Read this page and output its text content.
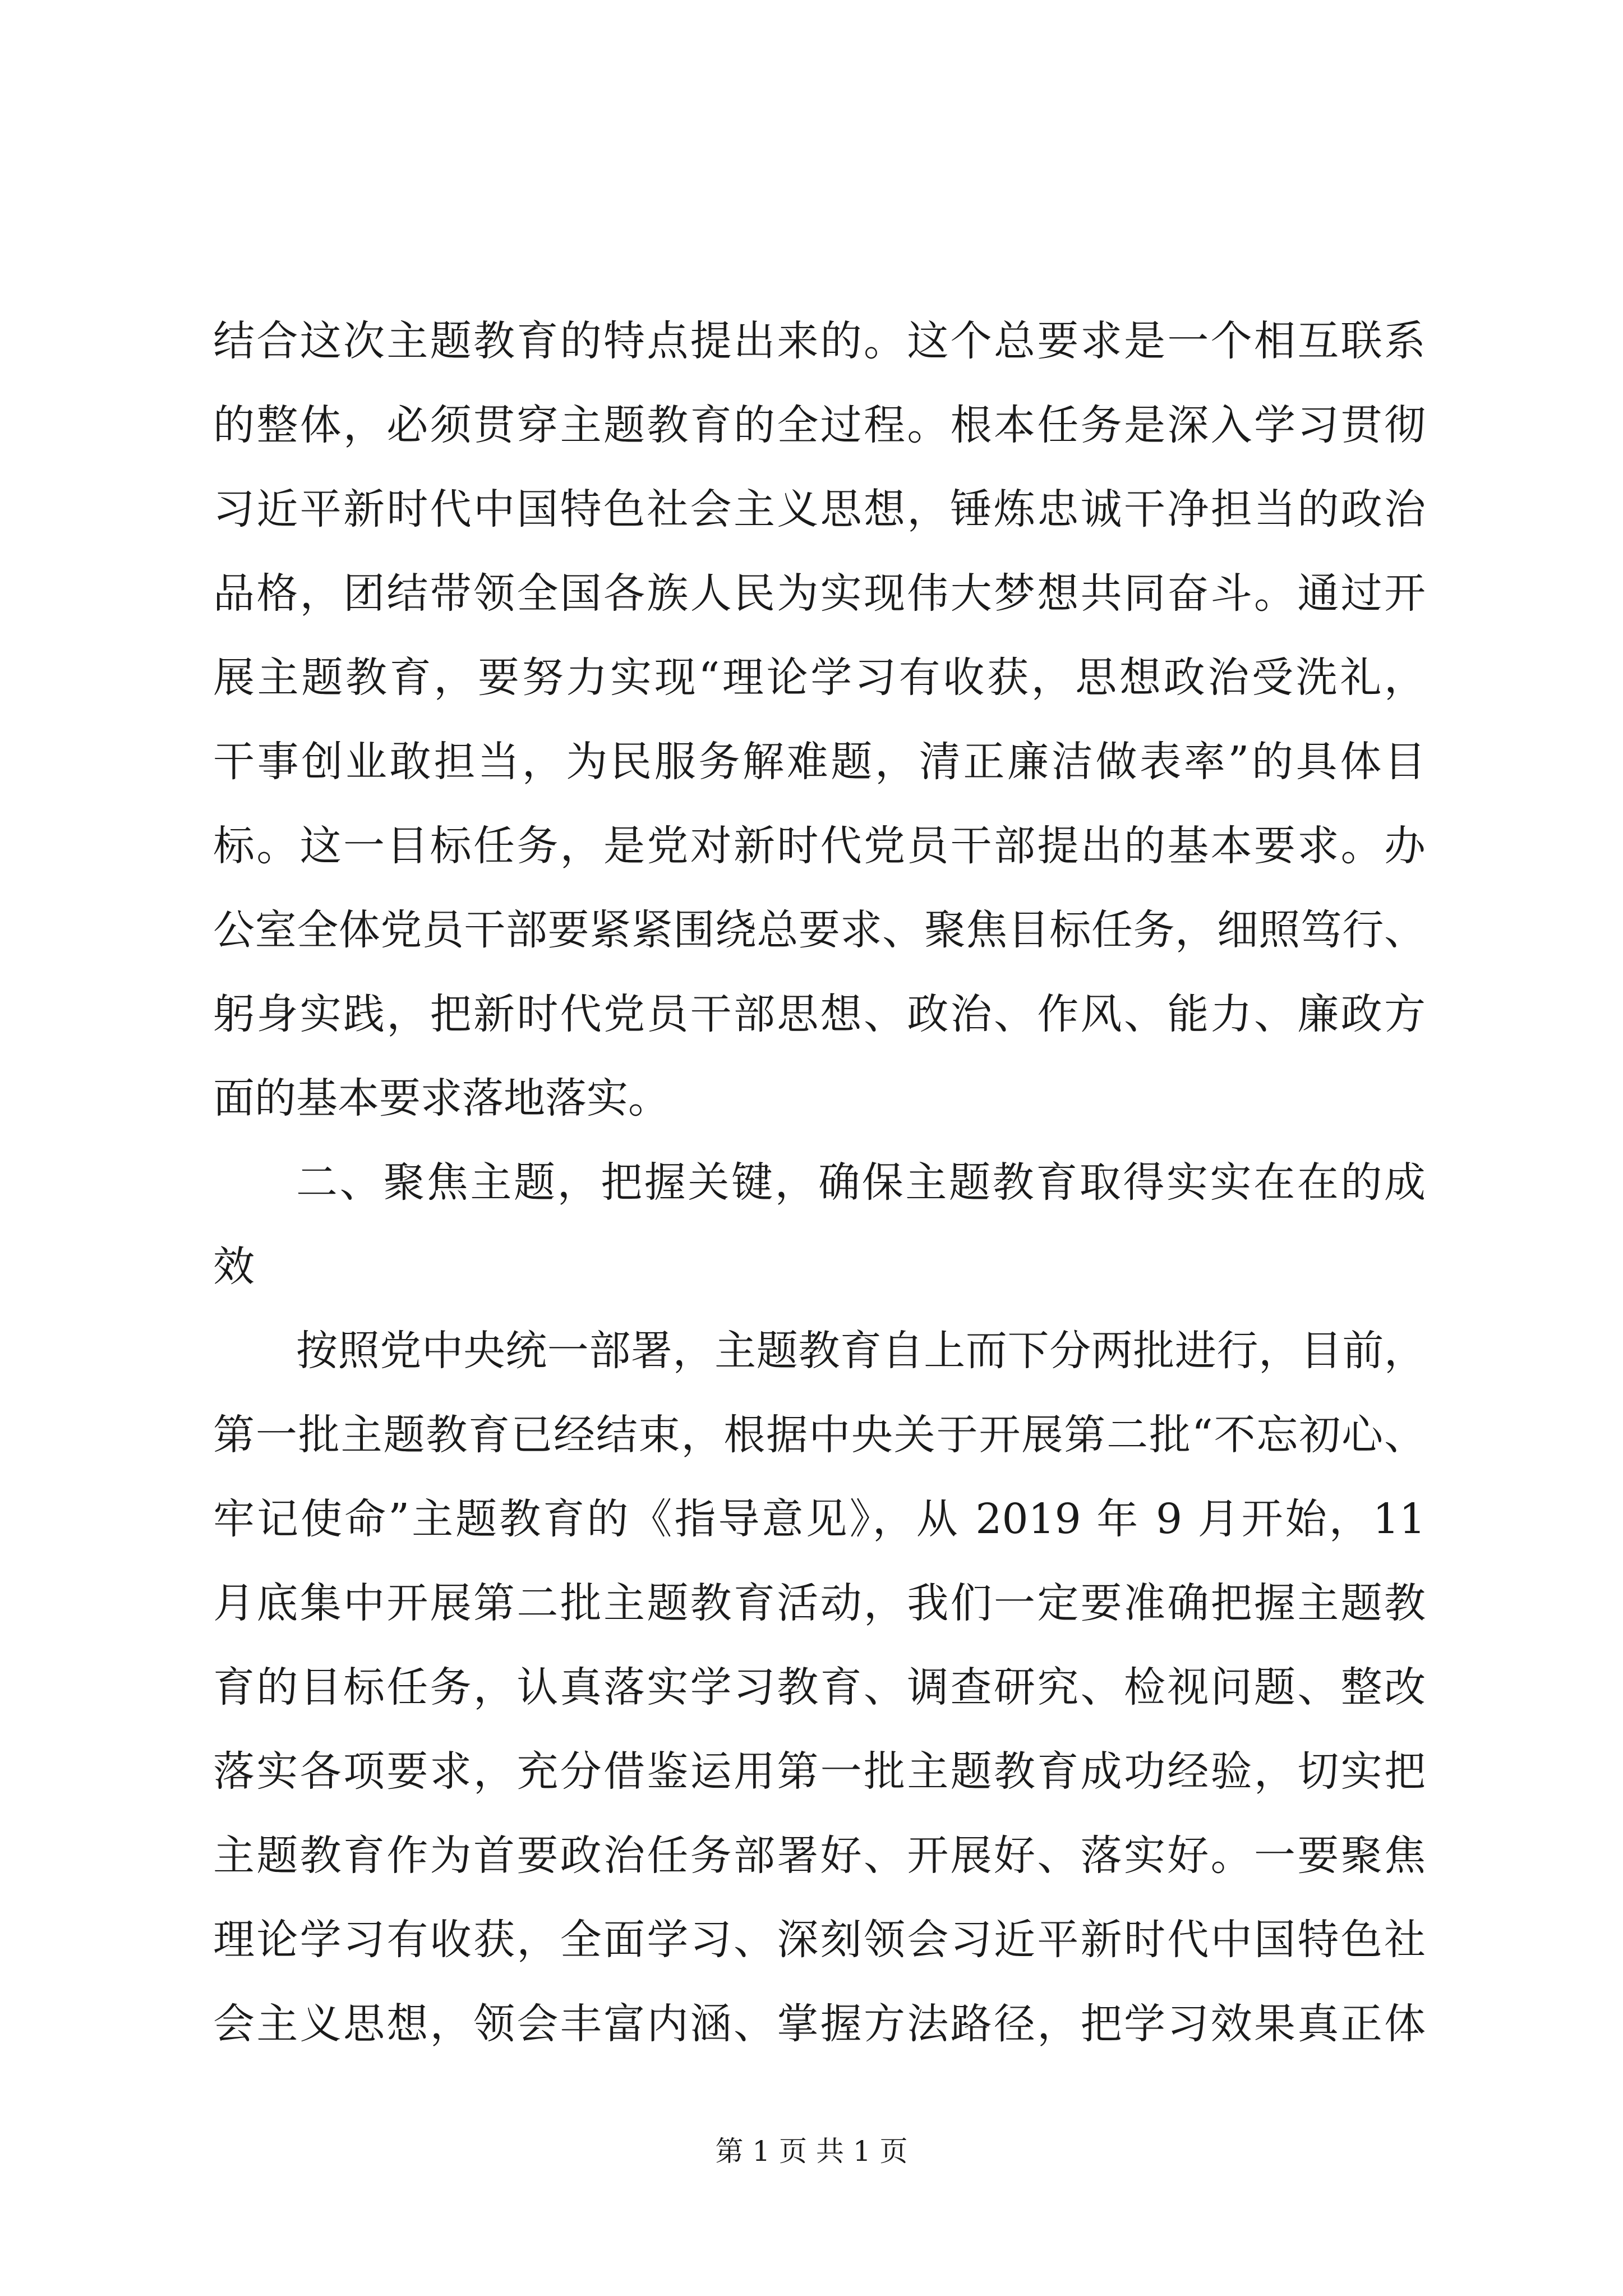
结合这次主题教育的特点提出来的。这个总要求是一个相互联系
的整体，必须贯穿主题教育的全过程。根本任务是深入学习贯彻
习近平新时代中国特色社会主义思想，锤炼忠诚干净担当的政治
品格，团结带领全国各族人民为实现伟大梦想共同奋斗。通过开
展主题教育，要努力实现“理论学习有收获，思想政治受洗礼，
干事创业敢担当，为民服务解难题，清正廉洁做表率”的具体目
标。这一目标任务，是党对新时代党员干部提出的基本要求。办
公室全体党员干部要紧紧围绕总要求、聚焦目标任务，细照笃行、
躬身实践，把新时代党员干部思想、政治、作风、能力、廉政方
面的基本要求落地落实。
二、聚焦主题，把握关键，确保主题教育取得实实在在的成
效
按照党中央统一部署，主题教育自上而下分两批进行，目前，
第一批主题教育已经结束，根据中央关于开展第二批“不忘初心、
牢记使命”主题教育的《指导意见》，从 2019 年 9 月开始，11
月底集中开展第二批主题教育活动，我们一定要准确把握主题教
育的目标任务，认真落实学习教育、调查研究、检视问题、整改
落实各项要求，充分借鉴运用第一批主题教育成功经验，切实把
主题教育作为首要政治任务部署好、开展好、落实好。一要聚焦
理论学习有收获，全面学习、深刻领会习近平新时代中国特色社
会主义思想，领会丰富内涵、掌握方法路径，把学习效果真正体
第 1 页 共 1 页
